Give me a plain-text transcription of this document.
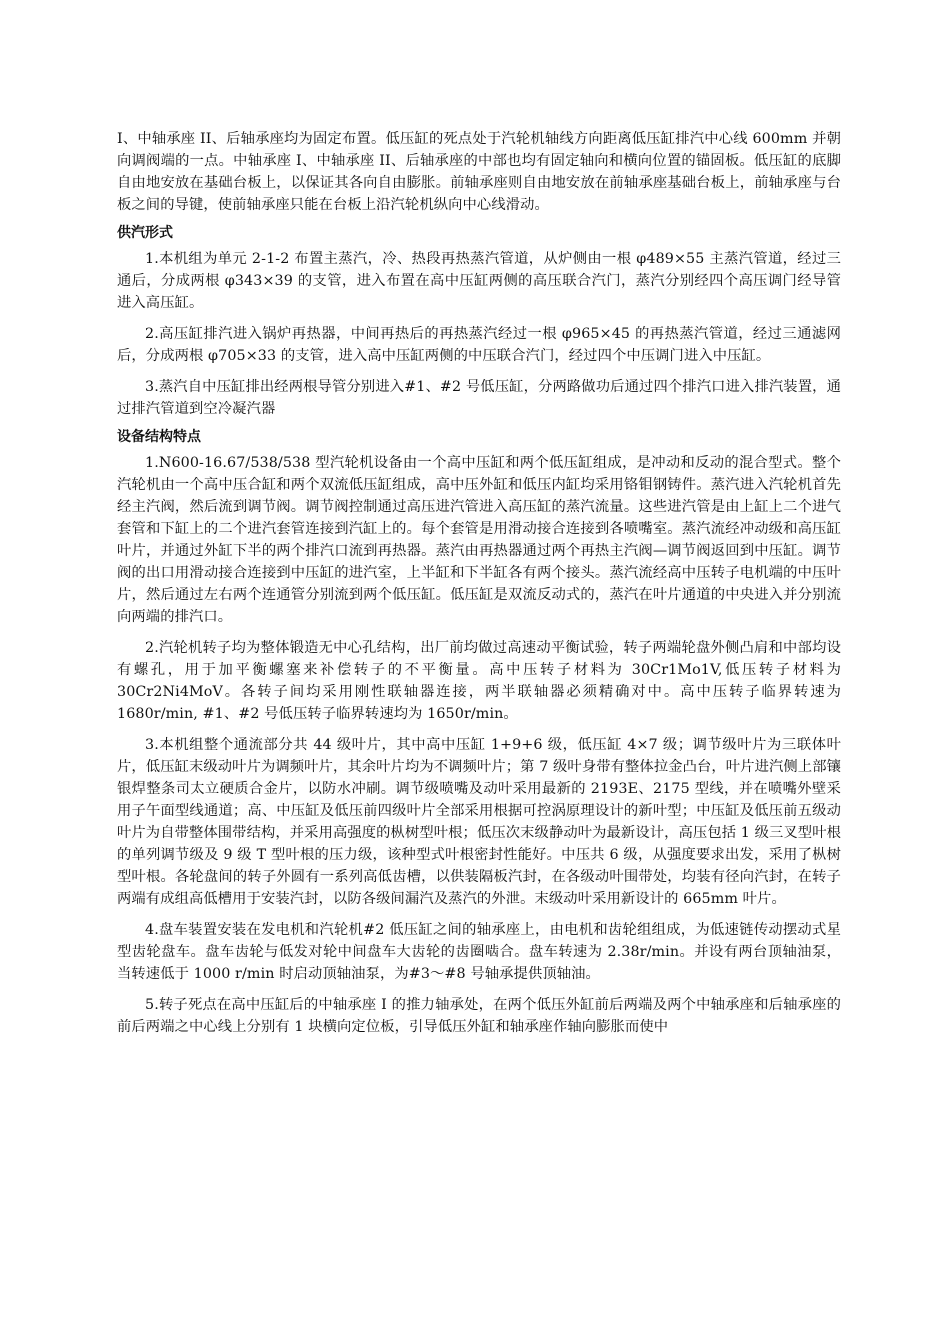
I、中轴承座 II、后轴承座均为固定布置。低压缸的死点处于汽轮机轴线方向距离低压缸排汽中心线 600mm 并朝向调阀端的一点。中轴承座 I、中轴承座 II、后轴承座的中部也均有固定轴向和横向位置的锚固板。低压缸的底脚自由地安放在基础台板上，以保证其各向自由膨胀。前轴承座则自由地安放在前轴承座基础台板上，前轴承座与台板之间的导键，使前轴承座只能在台板上沿汽轮机纵向中心线滑动。

供汽形式

1.本机组为单元 2-1-2 布置主蒸汽，冷、热段再热蒸汽管道，从炉侧由一根 φ489×55 主蒸汽管道，经过三通后，分成两根 φ343×39 的支管，进入布置在高中压缸两侧的高压联合汽门，蒸汽分别经四个高压调门经导管进入高压缸。

2.高压缸排汽进入锅炉再热器，中间再热后的再热蒸汽经过一根 φ965×45 的再热蒸汽管道，经过三通滤网后，分成两根 φ705×33 的支管，进入高中压缸两侧的中压联合汽门，经过四个中压调门进入中压缸。

3.蒸汽自中压缸排出经两根导管分别进入#1、#2 号低压缸，分两路做功后通过四个排汽口进入排汽装置，通过排汽管道到空冷凝汽器

设备结构特点

1.N600-16.67/538/538 型汽轮机设备由一个高中压缸和两个低压缸组成，是冲动和反动的混合型式。整个汽轮机由一个高中压合缸和两个双流低压缸组成，高中压外缸和低压内缸均采用铬钼钢铸件。蒸汽进入汽轮机首先经主汽阀，然后流到调节阀。调节阀控制通过高压进汽管进入高压缸的蒸汽流量。这些进汽管是由上缸上二个进气套管和下缸上的二个进汽套管连接到汽缸上的。每个套管是用滑动接合连接到各喷嘴室。蒸汽流经冲动级和高压缸叶片，并通过外缸下半的两个排汽口流到再热器。蒸汽由再热器通过两个再热主汽阀—调节阀返回到中压缸。调节阀的出口用滑动接合连接到中压缸的进汽室，上半缸和下半缸各有两个接头。蒸汽流经高中压转子电机端的中压叶片，然后通过左右两个连通管分别流到两个低压缸。低压缸是双流反动式的，蒸汽在叶片通道的中央进入并分别流向两端的排汽口。

2.汽轮机转子均为整体锻造无中心孔结构，出厂前均做过高速动平衡试验，转子两端轮盘外侧凸肩和中部均设有螺孔，用于加平衡螺塞来补偿转子的不平衡量。高中压转子材料为 30Cr1Mo1V,低压转子材料为 30Cr2Ni4MoV。各转子间均采用刚性联轴器连接，两半联轴器必须精确对中。高中压转子临界转速为 1680r/min, #1、#2 号低压转子临界转速均为 1650r/min。

3.本机组整个通流部分共 44 级叶片，其中高中压缸 1+9+6 级，低压缸 4×7 级；调节级叶片为三联体叶片，低压缸末级动叶片为调频叶片，其余叶片均为不调频叶片；第 7 级叶身带有整体拉金凸台，叶片进汽侧上部镶银焊整条司太立硬质合金片，以防水冲刷。调节级喷嘴及动叶采用最新的 2193E、2175 型线，并在喷嘴外壁采用子午面型线通道；高、中压缸及低压前四级叶片全部采用根据可控涡原理设计的新叶型；中压缸及低压前五级动叶片为自带整体围带结构，并采用高强度的枞树型叶根；低压次末级静动叶为最新设计，高压包括 1 级三叉型叶根的单列调节级及 9 级 T 型叶根的压力级，该种型式叶根密封性能好。中压共 6 级，从强度要求出发，采用了枞树型叶根。各轮盘间的转子外圆有一系列高低齿槽，以供装隔板汽封，在各级动叶围带处，均装有径向汽封，在转子两端有成组高低槽用于安装汽封，以防各级间漏汽及蒸汽的外泄。末级动叶采用新设计的 665mm 叶片。

4.盘车装置安装在发电机和汽轮机#2 低压缸之间的轴承座上，由电机和齿轮组组成，为低速链传动摆动式星型齿轮盘车。盘车齿轮与低发对轮中间盘车大齿轮的齿圈啮合。盘车转速为 2.38r/min。并设有两台顶轴油泵，当转速低于 1000 r/min 时启动顶轴油泵，为#3～#8 号轴承提供顶轴油。

5.转子死点在高中压缸后的中轴承座 I 的推力轴承处，在两个低压外缸前后两端及两个中轴承座和后轴承座的前后两端之中心线上分别有 1 块横向定位板，引导低压外缸和轴承座作轴向膨胀而使中
